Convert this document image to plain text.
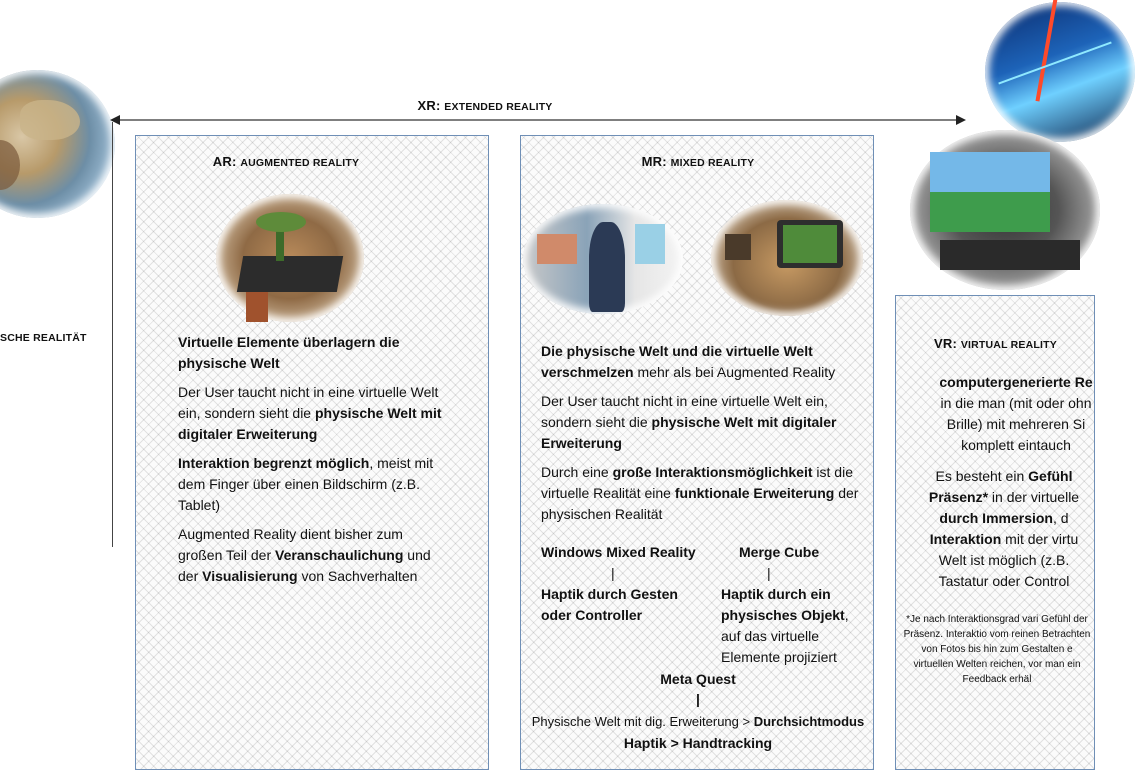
SCHE REALITÄT
XR: EXTENDED REALITY
AR: AUGMENTED REALITY

Virtuelle Elemente überlagern die physische Welt

Der User taucht nicht in eine virtuelle Welt ein, sondern sieht die physische Welt mit digitaler Erweiterung

Interaktion begrenzt möglich, meist mit dem Finger über einen Bildschirm (z.B. Tablet)

Augmented Reality dient bisher zum großen Teil der Veranschaulichung und der Visualisierung von Sachverhalten

MR: MIXED REALITY

Die physische Welt und die virtuelle Welt verschmelzen mehr als bei Augmented Reality

Der User taucht nicht in eine virtuelle Welt ein, sondern sieht die physische Welt mit digitaler Erweiterung

Durch eine große Interaktionsmöglichkeit ist die virtuelle Realität eine funktionale Erweiterung der physischen Realität

Windows Mixed Reality
|
Haptik durch Gesten oder Controller
Merge Cube
|
Haptik durch ein physisches Objekt, auf das virtuelle Elemente projiziert
Meta Quest
|
Physische Welt mit dig. Erweiterung > Durchsichtmodus
Haptik > Handtracking
VR: VIRTUAL REALITY
computergenerierte Re
in die man (mit oder ohn
Brille) mit mehreren Si
komplett eintauch
Es besteht ein Gefühl
Präsenz* in der virtuelle
durch Immersion, d
Interaktion mit der virtu
Welt ist möglich (z.B.
Tastatur oder Control
*Je nach Interaktionsgrad vari Gefühl der Präsenz. Interaktio vom reinen Betrachten von Fotos bis hin zum Gestalten e virtuellen Welten reichen, vor man ein Feedback erhäl
